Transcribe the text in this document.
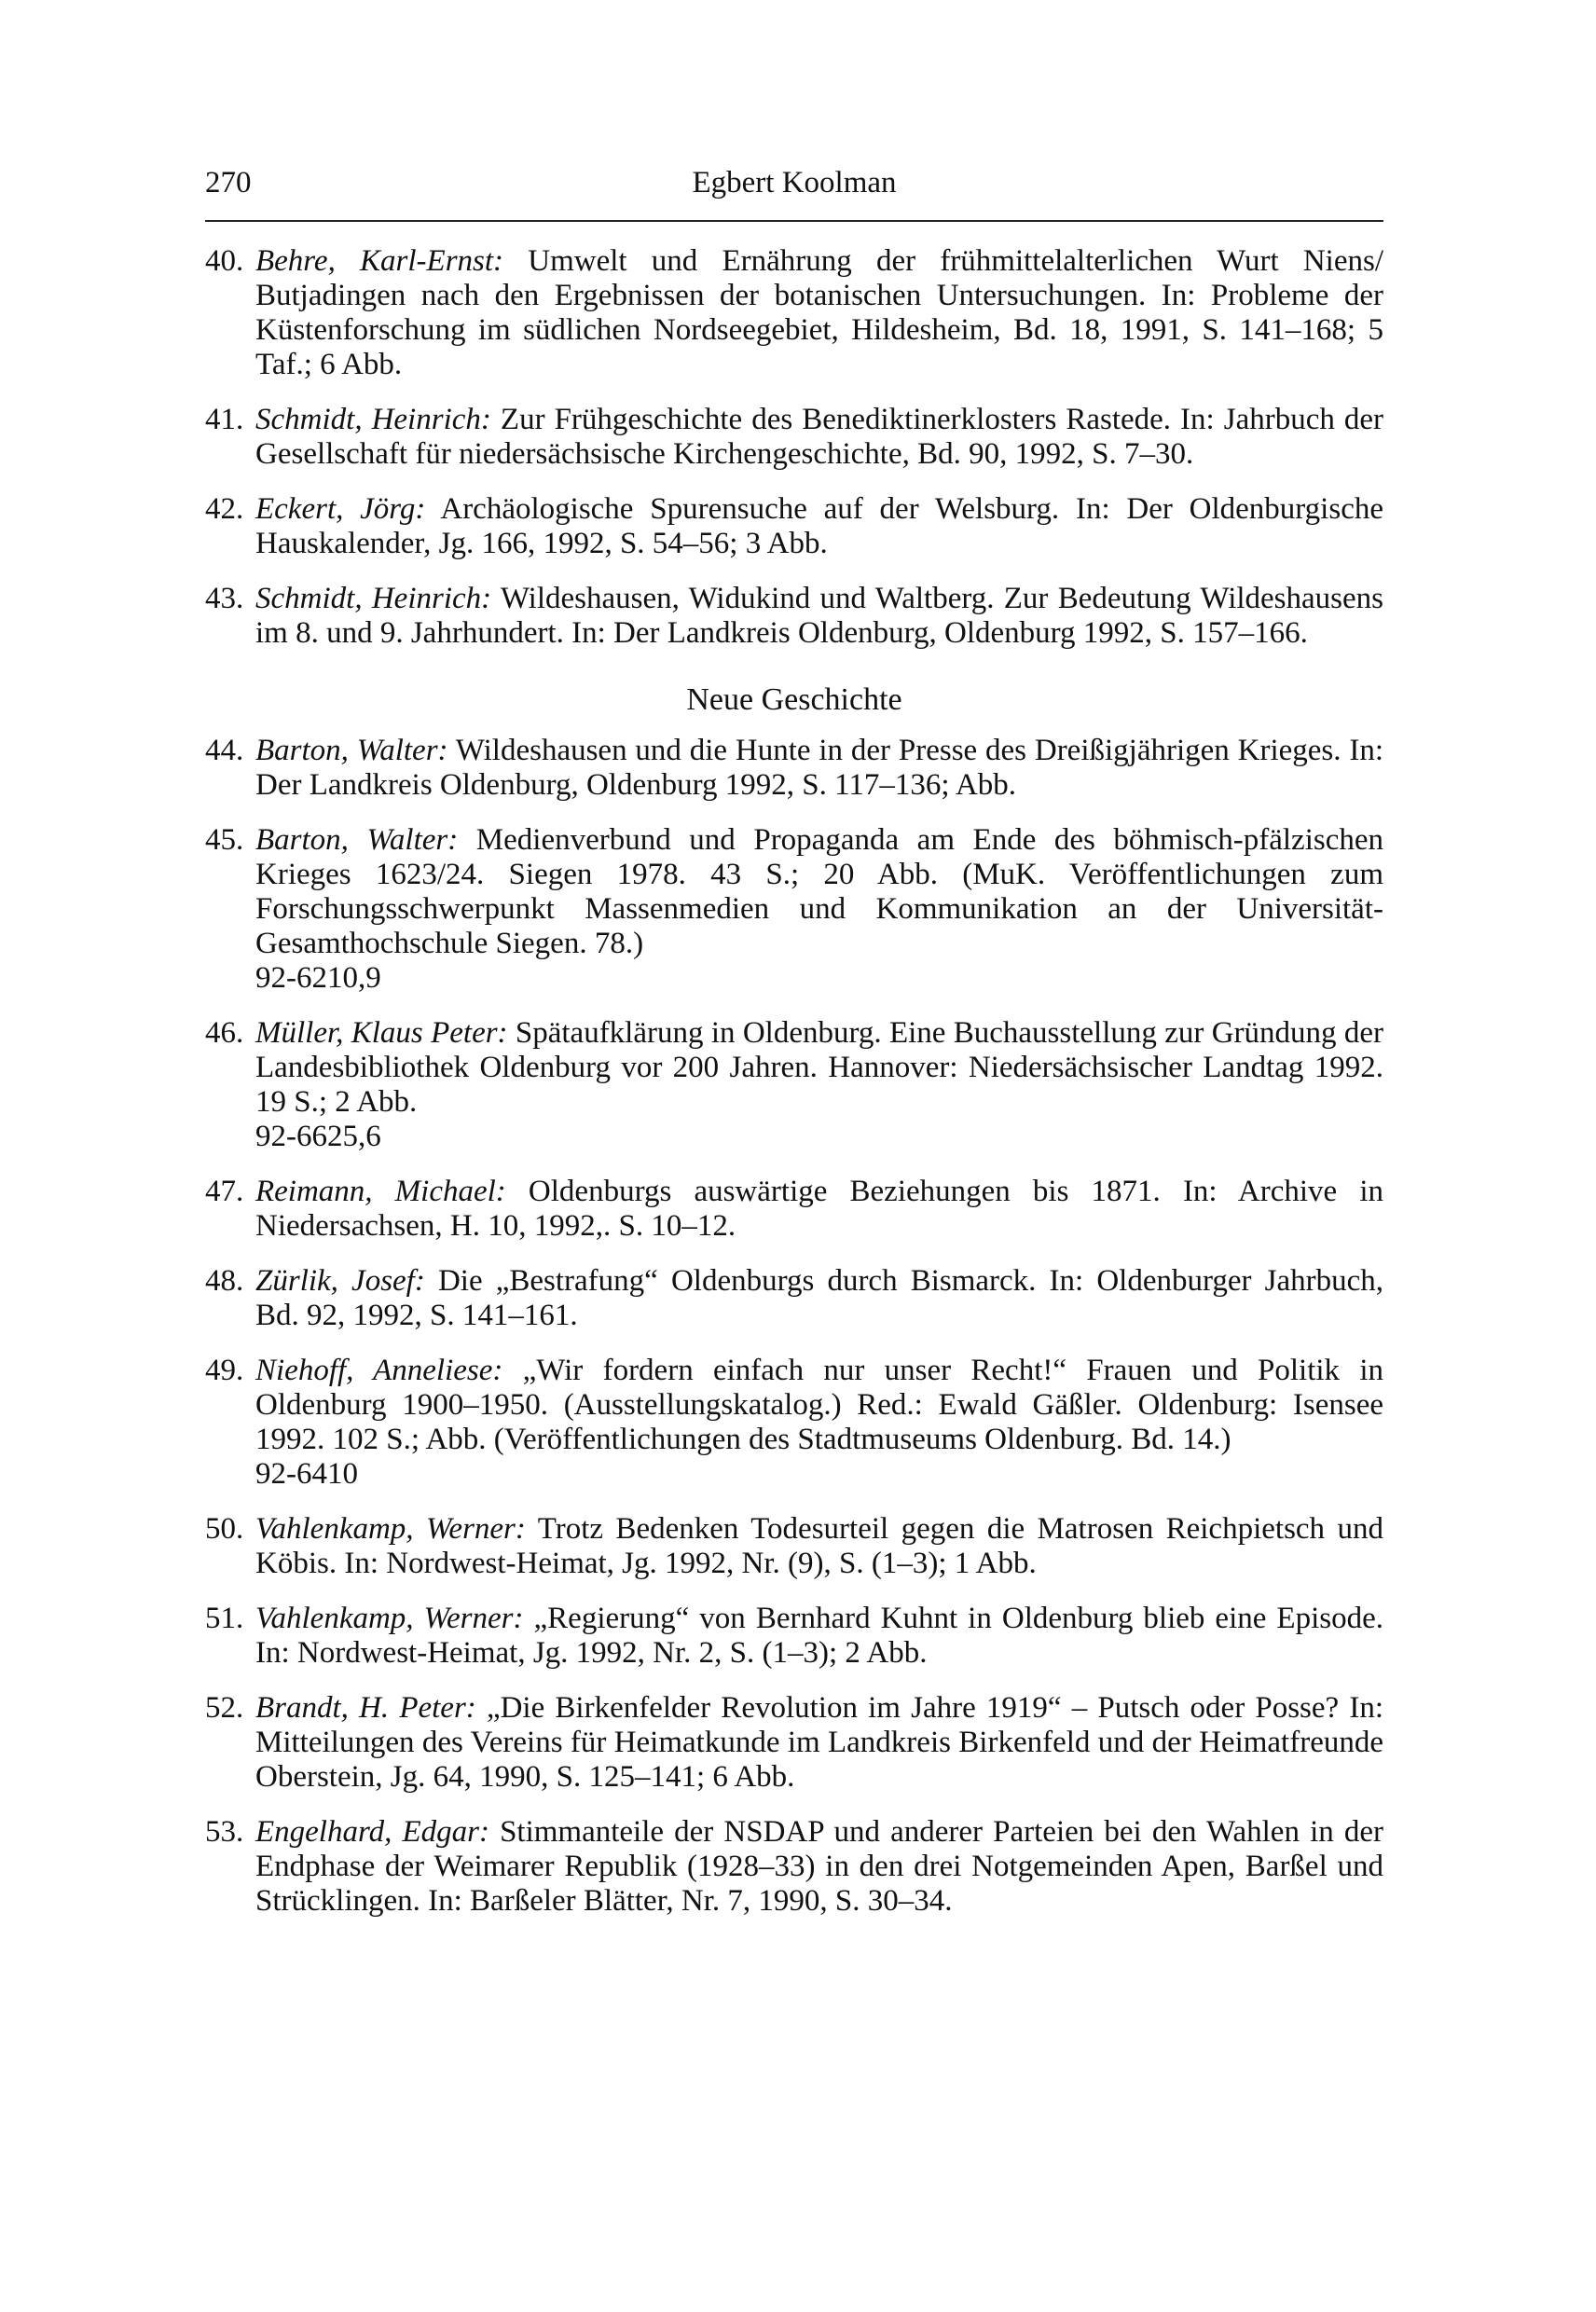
270	Egbert Koolman
40. Behre, Karl-Ernst: Umwelt und Ernährung der frühmittelalterlichen Wurt Niens/ Butjadingen nach den Ergebnissen der botanischen Untersuchungen. In: Probleme der Küstenforschung im südlichen Nordseegebiet, Hildesheim, Bd. 18, 1991, S. 141–168; 5 Taf.; 6 Abb.
41. Schmidt, Heinrich: Zur Frühgeschichte des Benediktinerklosters Rastede. In: Jahrbuch der Gesellschaft für niedersächsische Kirchengeschichte, Bd. 90, 1992, S. 7–30.
42. Eckert, Jörg: Archäologische Spurensuche auf der Welsburg. In: Der Oldenburgische Hauskalender, Jg. 166, 1992, S. 54–56; 3 Abb.
43. Schmidt, Heinrich: Wildeshausen, Widukind und Waltberg. Zur Bedeutung Wildeshausens im 8. und 9. Jahrhundert. In: Der Landkreis Oldenburg, Oldenburg 1992, S. 157–166.
Neue Geschichte
44. Barton, Walter: Wildeshausen und die Hunte in der Presse des Dreißigjährigen Krieges. In: Der Landkreis Oldenburg, Oldenburg 1992, S. 117–136; Abb.
45. Barton, Walter: Medienverbund und Propaganda am Ende des böhmisch-pfälzischen Krieges 1623/24. Siegen 1978. 43 S.; 20 Abb. (MuK. Veröffentlichungen zum Forschungsschwerpunkt Massenmedien und Kommunikation an der Universität-Gesamthochschule Siegen. 78.)
92-6210,9
46. Müller, Klaus Peter: Spätaufklärung in Oldenburg. Eine Buchausstellung zur Gründung der Landesbibliothek Oldenburg vor 200 Jahren. Hannover: Niedersächsischer Landtag 1992. 19 S.; 2 Abb.
92-6625,6
47. Reimann, Michael: Oldenburgs auswärtige Beziehungen bis 1871. In: Archive in Niedersachsen, H. 10, 1992,. S. 10–12.
48. Zürlik, Josef: Die „Bestrafung“ Oldenburgs durch Bismarck. In: Oldenburger Jahrbuch, Bd. 92, 1992, S. 141–161.
49. Niehoff, Anneliese: „Wir fordern einfach nur unser Recht!“ Frauen und Politik in Oldenburg 1900–1950. (Ausstellungskatalog.) Red.: Ewald Gäßler. Oldenburg: Isensee 1992. 102 S.; Abb. (Veröffentlichungen des Stadtmuseums Oldenburg. Bd. 14.)
92-6410
50. Vahlenkamp, Werner: Trotz Bedenken Todesurteil gegen die Matrosen Reichpietsch und Köbis. In: Nordwest-Heimat, Jg. 1992, Nr. (9), S. (1–3); 1 Abb.
51. Vahlenkamp, Werner: „Regierung“ von Bernhard Kuhnt in Oldenburg blieb eine Episode. In: Nordwest-Heimat, Jg. 1992, Nr. 2, S. (1–3); 2 Abb.
52. Brandt, H. Peter: „Die Birkenfelder Revolution im Jahre 1919“ – Putsch oder Posse? In: Mitteilungen des Vereins für Heimatkunde im Landkreis Birkenfeld und der Heimatfreunde Oberstein, Jg. 64, 1990, S. 125–141; 6 Abb.
53. Engelhard, Edgar: Stimmanteile der NSDAP und anderer Parteien bei den Wahlen in der Endphase der Weimarer Republik (1928–33) in den drei Notgemeinden Apen, Barßel und Strücklingen. In: Barßeler Blätter, Nr. 7, 1990, S. 30–34.
